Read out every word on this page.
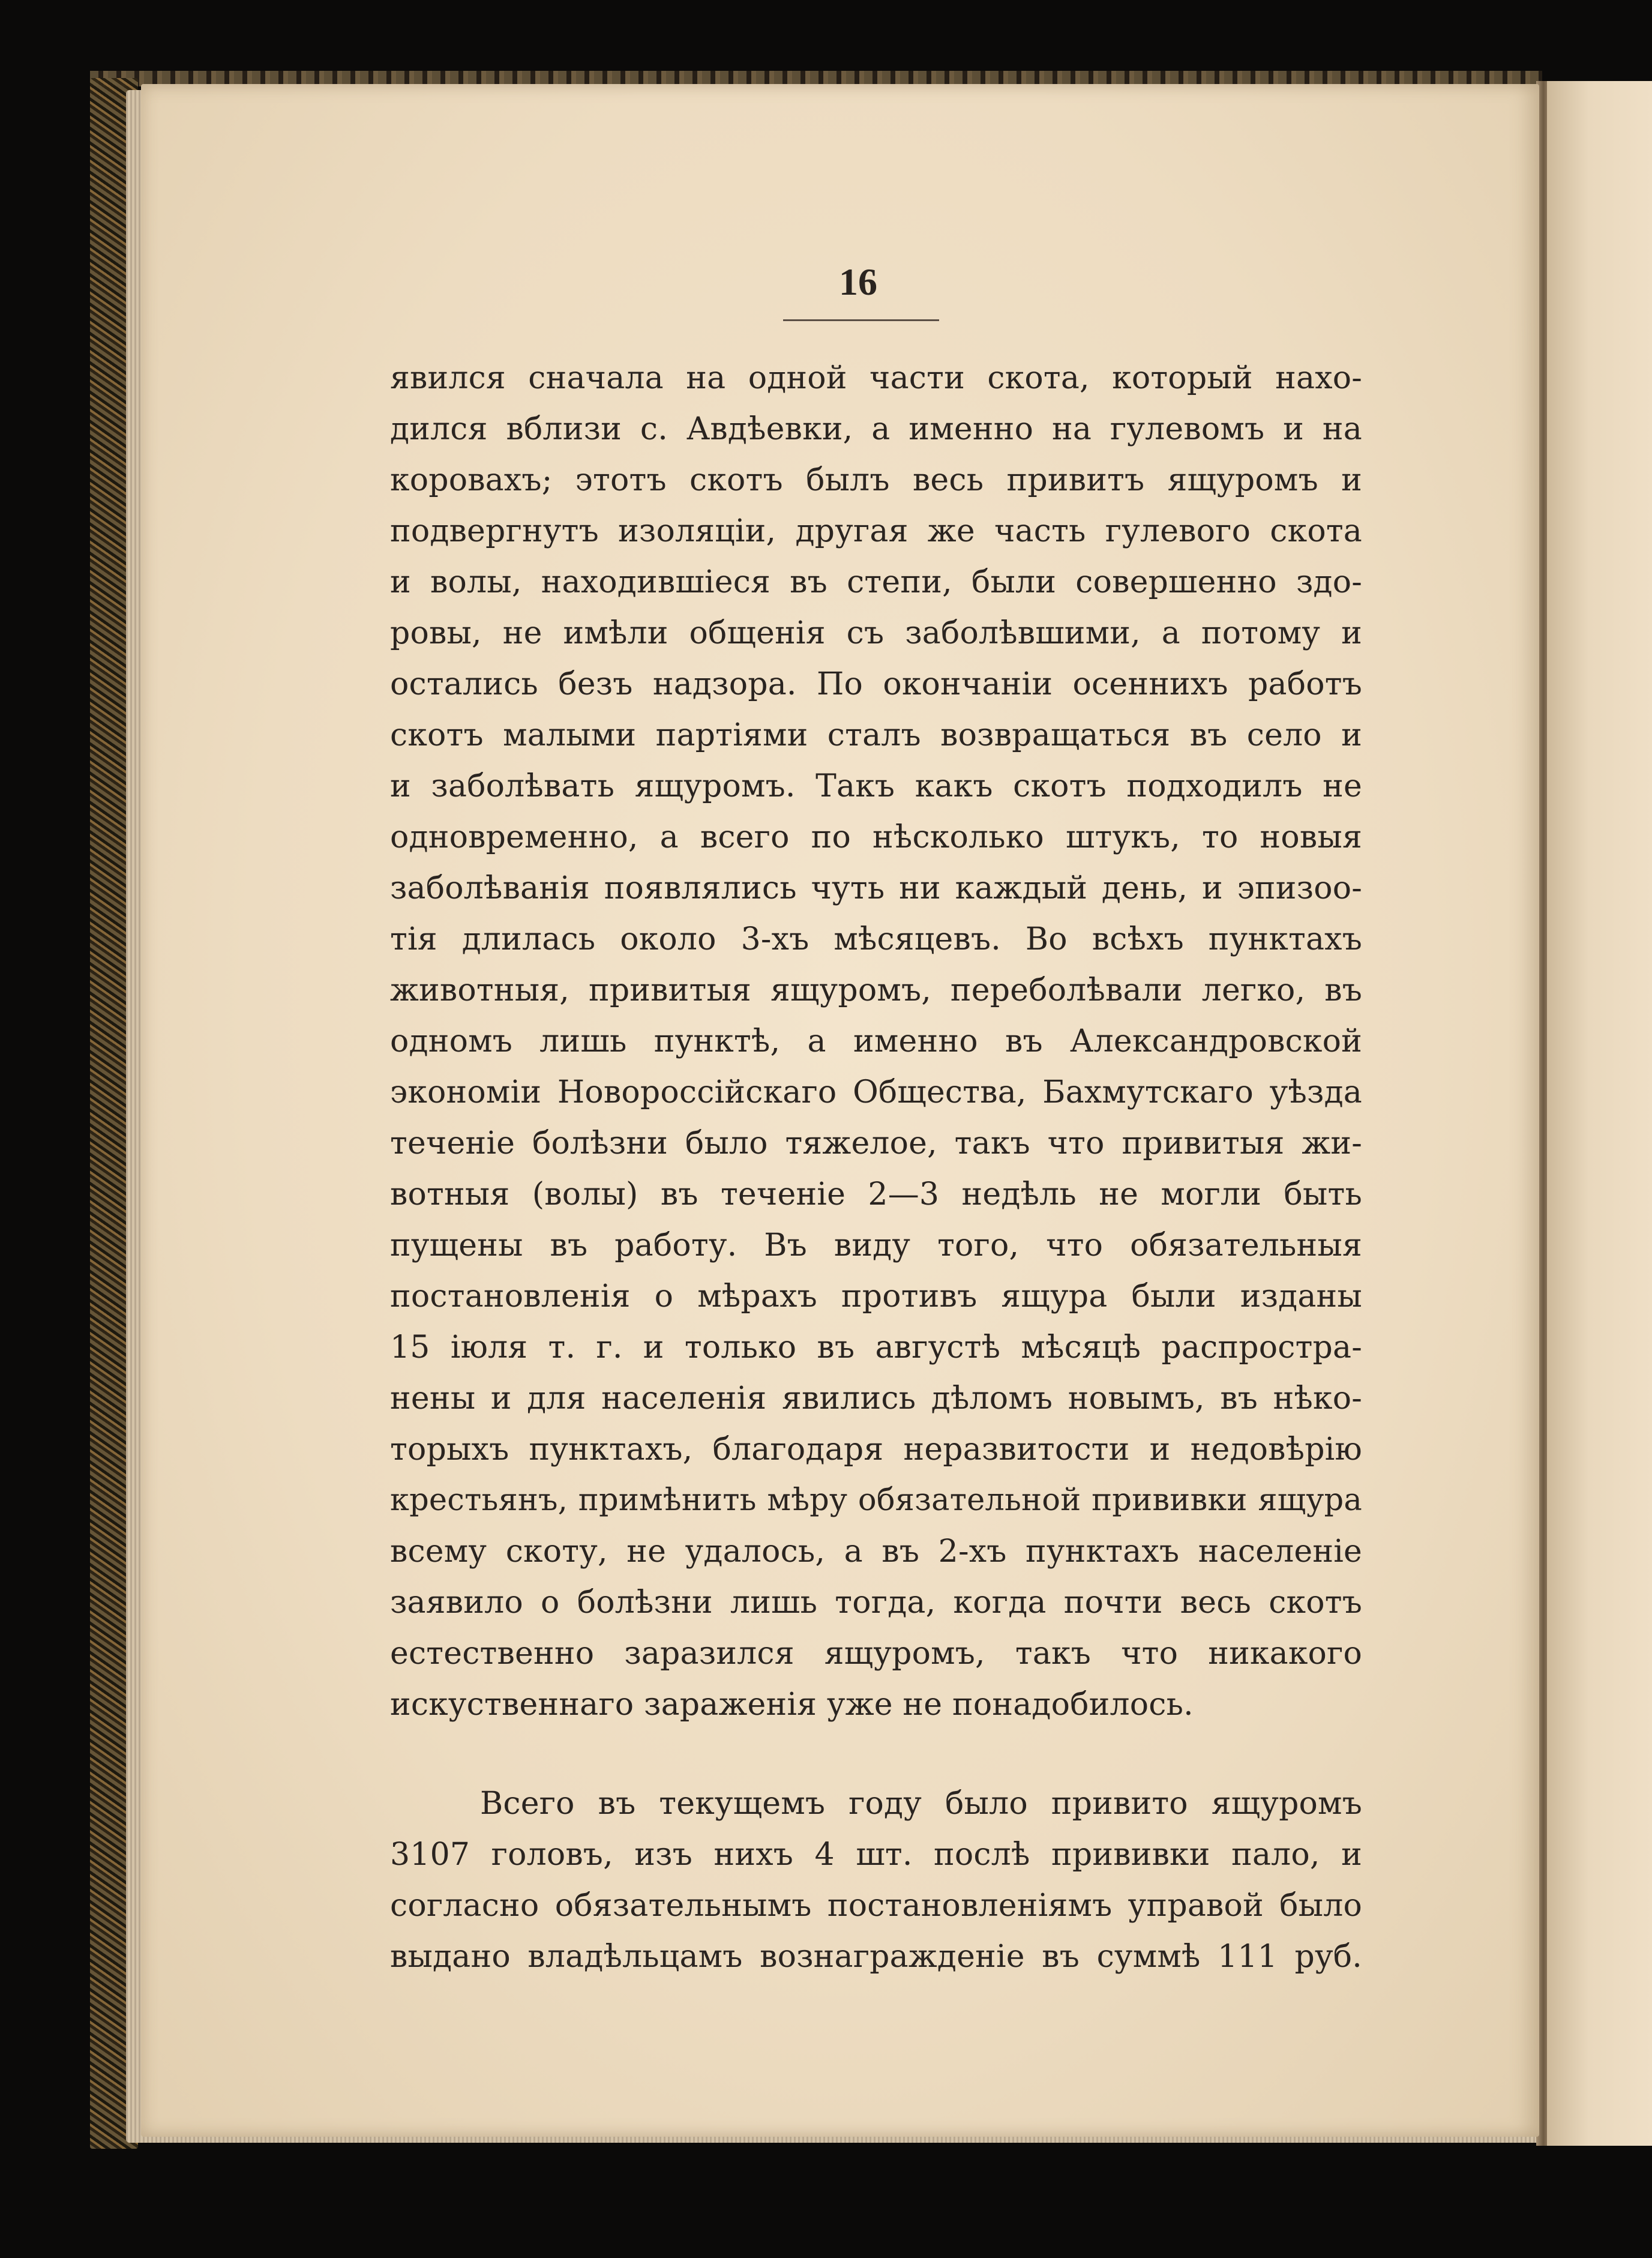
16
явился сначала на одной части скота, который нахо-
дился вблизи с. Авдѣевки, а именно на гулевомъ и на
коровахъ; этотъ скотъ былъ весь привитъ ящуромъ и
подвергнутъ изоляціи, другая же часть гулевого скота
и волы, находившіеся въ степи, были совершенно здо-
ровы, не имѣли общенія съ заболѣвшими, а потому и
остались безъ надзора. По окончаніи осеннихъ работъ
скотъ малыми партіями сталъ возвращаться въ село и
и заболѣвать ящуромъ. Такъ какъ скотъ подходилъ не
одновременно, а всего по нѣсколько штукъ, то новыя
заболѣванія появлялись чуть ни каждый день, и эпизоо-
тія длилась около 3-хъ мѣсяцевъ. Во всѣхъ пунктахъ
животныя, привитыя ящуромъ, переболѣвали легко, въ
одномъ лишь пунктѣ, а именно въ Александровской
экономіи Новороссійскаго Общества, Бахмутскаго уѣзда
теченіе болѣзни было тяжелое, такъ что привитыя жи-
вотныя (волы) въ теченіе 2—3 недѣль не могли быть
пущены въ работу. Въ виду того, что обязательныя
постановленія о мѣрахъ противъ ящура были изданы
15 іюля т. г. и только въ августѣ мѣсяцѣ распростра-
нены и для населенія явились дѣломъ новымъ, въ нѣко-
торыхъ пунктахъ, благодаря неразвитости и недовѣрію
крестьянъ, примѣнить мѣру обязательной прививки ящура
всему скоту, не удалось, а въ 2-хъ пунктахъ населеніе
заявило о болѣзни лишь тогда, когда почти весь скотъ
естественно заразился ящуромъ, такъ что никакого
искуственнаго зараженія уже не понадобилось.
Всего въ текущемъ году было привито ящуромъ
3107 головъ, изъ нихъ 4 шт. послѣ прививки пало, и
согласно обязательнымъ постановленіямъ управой было
выдано владѣльцамъ вознагражденіе въ суммѣ 111 руб.
